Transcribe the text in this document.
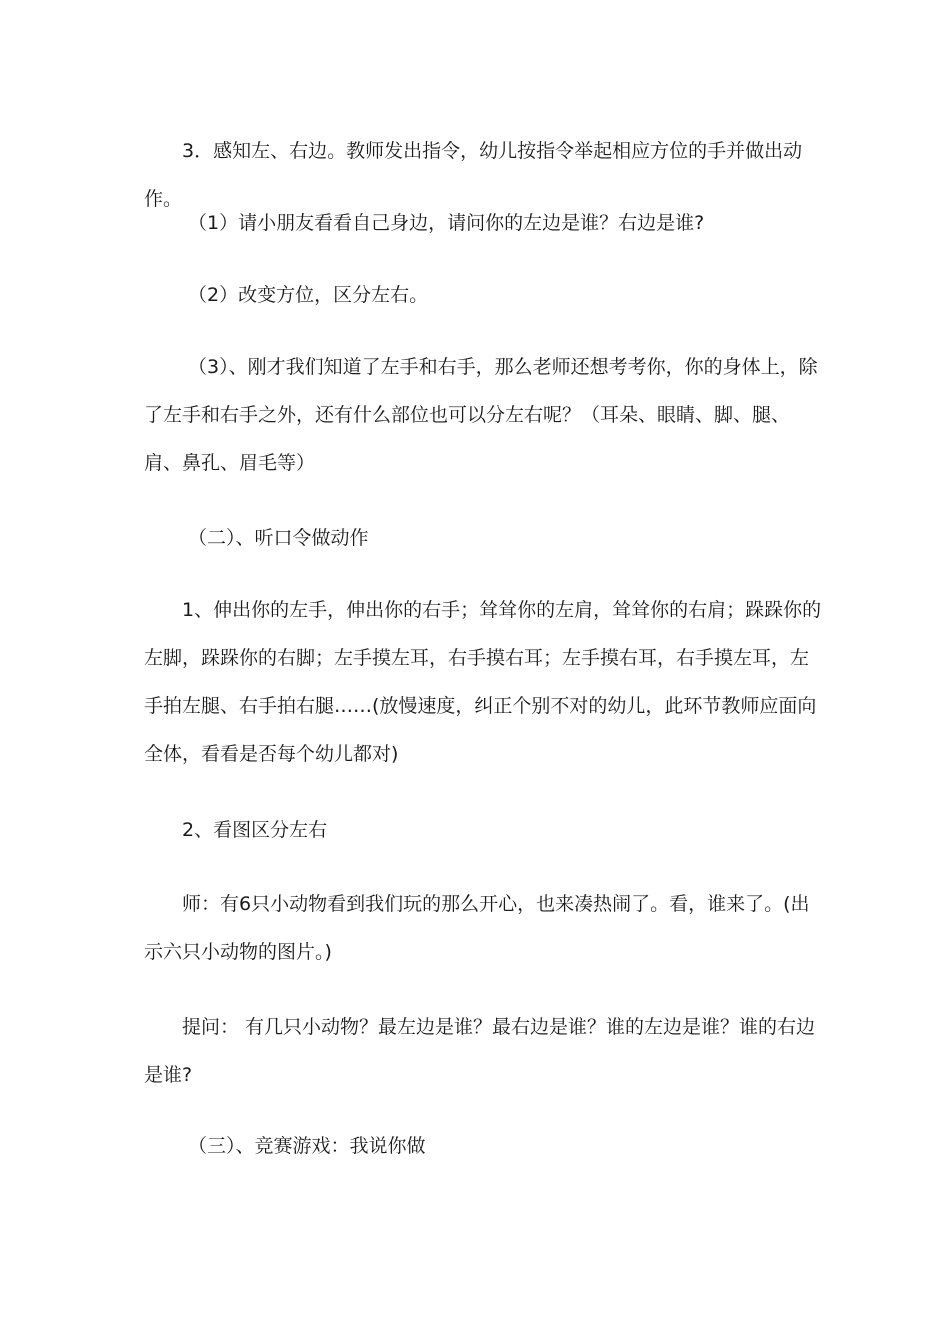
3．感知左、右边。教师发出指令，幼儿按指令举起相应方位的手并做出动作。

（1）请小朋友看看自己身边，请问你的左边是谁？右边是谁?

（2）改变方位，区分左右。

（3）、刚才我们知道了左手和右手，那么老师还想考考你，你的身体上，除了左手和右手之外，还有什么部位也可以分左右呢？（耳朵、眼睛、脚、腿、肩、鼻孔、眉毛等）

（二）、听口令做动作

1、伸出你的左手，伸出你的右手；耸耸你的左肩，耸耸你的右肩；跺跺你的左脚，跺跺你的右脚；左手摸左耳，右手摸右耳；左手摸右耳，右手摸左耳，左手拍左腿、右手拍右腿……(放慢速度，纠正个别不对的幼儿，此环节教师应面向全体，看看是否每个幼儿都对)

2、看图区分左右

师：有6只小动物看到我们玩的那么开心，也来凑热闹了。看，谁来了。(出示六只小动物的图片。)

提问： 有几只小动物？最左边是谁？最右边是谁？谁的左边是谁？谁的右边是谁?

（三）、竞赛游戏：我说你做
